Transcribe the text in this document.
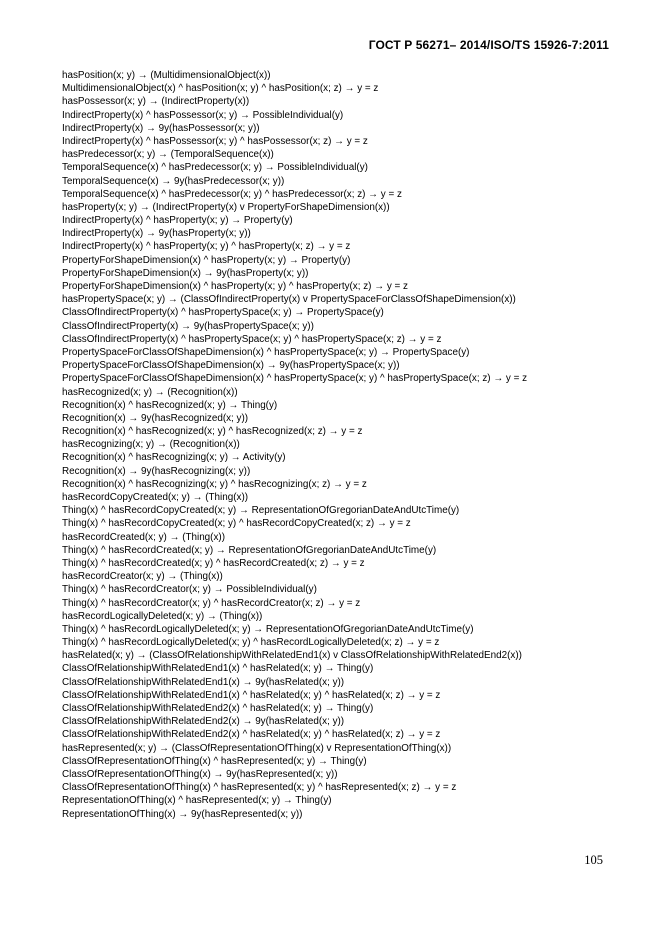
ГОСТ Р 56271– 2014/ISO/TS 15926-7:2011
hasPosition(x; y) → (MultidimensionalObject(x))
MultidimensionalObject(x) ^ hasPosition(x; y) ^ hasPosition(x; z) → y = z
hasPossessor(x; y) → (IndirectProperty(x))
IndirectProperty(x) ^ hasPossessor(x; y) → PossibleIndividual(y)
IndirectProperty(x) → 9y(hasPossessor(x; y))
IndirectProperty(x) ^ hasPossessor(x; y) ^ hasPossessor(x; z) → y = z
hasPredecessor(x; y) → (TemporalSequence(x))
TemporalSequence(x) ^ hasPredecessor(x; y) → PossibleIndividual(y)
TemporalSequence(x) → 9y(hasPredecessor(x; y))
TemporalSequence(x) ^ hasPredecessor(x; y) ^ hasPredecessor(x; z) → y = z
hasProperty(x; y) → (IndirectProperty(x) v PropertyForShapeDimension(x))
IndirectProperty(x) ^ hasProperty(x; y) → Property(y)
IndirectProperty(x) → 9y(hasProperty(x; y))
IndirectProperty(x) ^ hasProperty(x; y) ^ hasProperty(x; z) → y = z
PropertyForShapeDimension(x) ^ hasProperty(x; y) → Property(y)
PropertyForShapeDimension(x) → 9y(hasProperty(x; y))
PropertyForShapeDimension(x) ^ hasProperty(x; y) ^ hasProperty(x; z) → y = z
hasPropertySpace(x; y) → (ClassOfIndirectProperty(x) v PropertySpaceForClassOfShapeDimension(x))
ClassOfIndirectProperty(x) ^ hasPropertySpace(x; y) → PropertySpace(y)
ClassOfIndirectProperty(x) → 9y(hasPropertySpace(x; y))
ClassOfIndirectProperty(x) ^ hasPropertySpace(x; y) ^ hasPropertySpace(x; z) → y = z
PropertySpaceForClassOfShapeDimension(x) ^ hasPropertySpace(x; y) → PropertySpace(y)
PropertySpaceForClassOfShapeDimension(x) → 9y(hasPropertySpace(x; y))
PropertySpaceForClassOfShapeDimension(x) ^ hasPropertySpace(x; y) ^ hasPropertySpace(x; z) → y = z
hasRecognized(x; y) → (Recognition(x))
Recognition(x) ^ hasRecognized(x; y) → Thing(y)
Recognition(x) → 9y(hasRecognized(x; y))
Recognition(x) ^ hasRecognized(x; y) ^ hasRecognized(x; z) → y = z
hasRecognizing(x; y) → (Recognition(x))
Recognition(x) ^ hasRecognizing(x; y) → Activity(y)
Recognition(x) → 9y(hasRecognizing(x; y))
Recognition(x) ^ hasRecognizing(x; y) ^ hasRecognizing(x; z) → y = z
hasRecordCopyCreated(x; y) → (Thing(x))
Thing(x) ^ hasRecordCopyCreated(x; y) → RepresentationOfGregorianDateAndUtcTime(y)
Thing(x) ^ hasRecordCopyCreated(x; y) ^ hasRecordCopyCreated(x; z) → y = z
hasRecordCreated(x; y) → (Thing(x))
Thing(x) ^ hasRecordCreated(x; y) → RepresentationOfGregorianDateAndUtcTime(y)
Thing(x) ^ hasRecordCreated(x; y) ^ hasRecordCreated(x; z) → y = z
hasRecordCreator(x; y) → (Thing(x))
Thing(x) ^ hasRecordCreator(x; y) → PossibleIndividual(y)
Thing(x) ^ hasRecordCreator(x; y) ^ hasRecordCreator(x; z) → y = z
hasRecordLogicallyDeleted(x; y) → (Thing(x))
Thing(x) ^ hasRecordLogicallyDeleted(x; y) → RepresentationOfGregorianDateAndUtcTime(y)
Thing(x) ^ hasRecordLogicallyDeleted(x; y) ^ hasRecordLogicallyDeleted(x; z) → y = z
hasRelated(x; y) → (ClassOfRelationshipWithRelatedEnd1(x) v ClassOfRelationshipWithRelatedEnd2(x))
ClassOfRelationshipWithRelatedEnd1(x) ^ hasRelated(x; y) → Thing(y)
ClassOfRelationshipWithRelatedEnd1(x) → 9y(hasRelated(x; y))
ClassOfRelationshipWithRelatedEnd1(x) ^ hasRelated(x; y) ^ hasRelated(x; z) → y = z
ClassOfRelationshipWithRelatedEnd2(x) ^ hasRelated(x; y) → Thing(y)
ClassOfRelationshipWithRelatedEnd2(x) → 9y(hasRelated(x; y))
ClassOfRelationshipWithRelatedEnd2(x) ^ hasRelated(x; y) ^ hasRelated(x; z) → y = z
hasRepresented(x; y) → (ClassOfRepresentationOfThing(x) v RepresentationOfThing(x))
ClassOfRepresentationOfThing(x) ^ hasRepresented(x; y) → Thing(y)
ClassOfRepresentationOfThing(x) → 9y(hasRepresented(x; y))
ClassOfRepresentationOfThing(x) ^ hasRepresented(x; y) ^ hasRepresented(x; z) → y = z
RepresentationOfThing(x) ^ hasRepresented(x; y) → Thing(y)
RepresentationOfThing(x) → 9y(hasRepresented(x; y))
105
